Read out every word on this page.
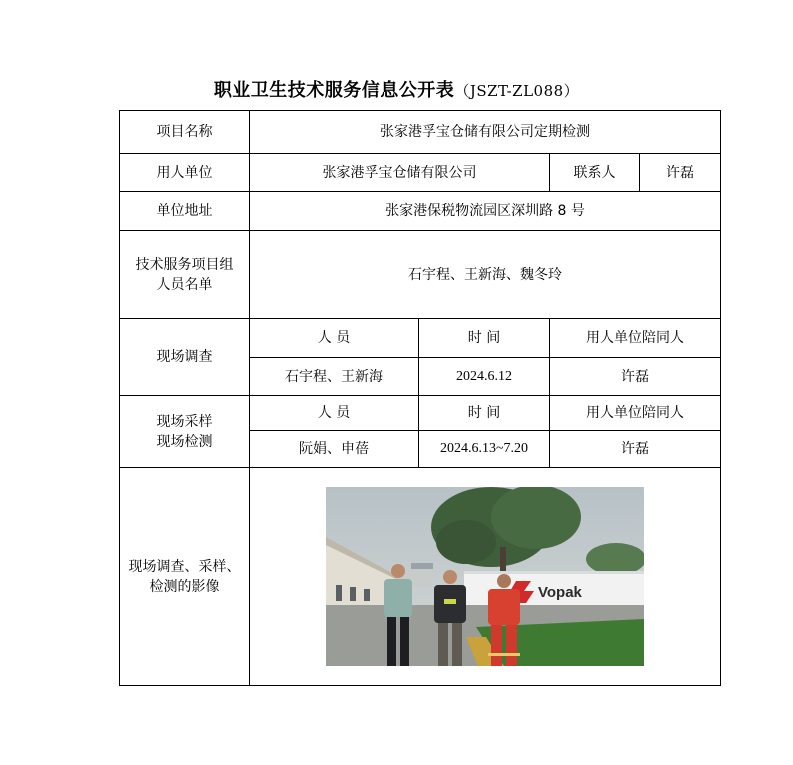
职业卫生技术服务信息公开表（JSZT-ZL088）
项目名称	张家港孚宝仓储有限公司定期检测			
用人单位	张家港孚宝仓储有限公司		联系人	许磊
单位地址	张家港保税物流园区深圳路 8 号			
技术服务项目组人员名单	石宇程、王新海、魏冬玲			
现场调查	人 员	时 间	用人单位陪同人	
	石宇程、王新海	2024.6.12	许磊	
现场采样现场检测	人 员	时 间	用人单位陪同人	
	阮娟、申蓓	2024.6.13~7.20	许磊	
现场调查、采样、检测的影像	Vopak			
